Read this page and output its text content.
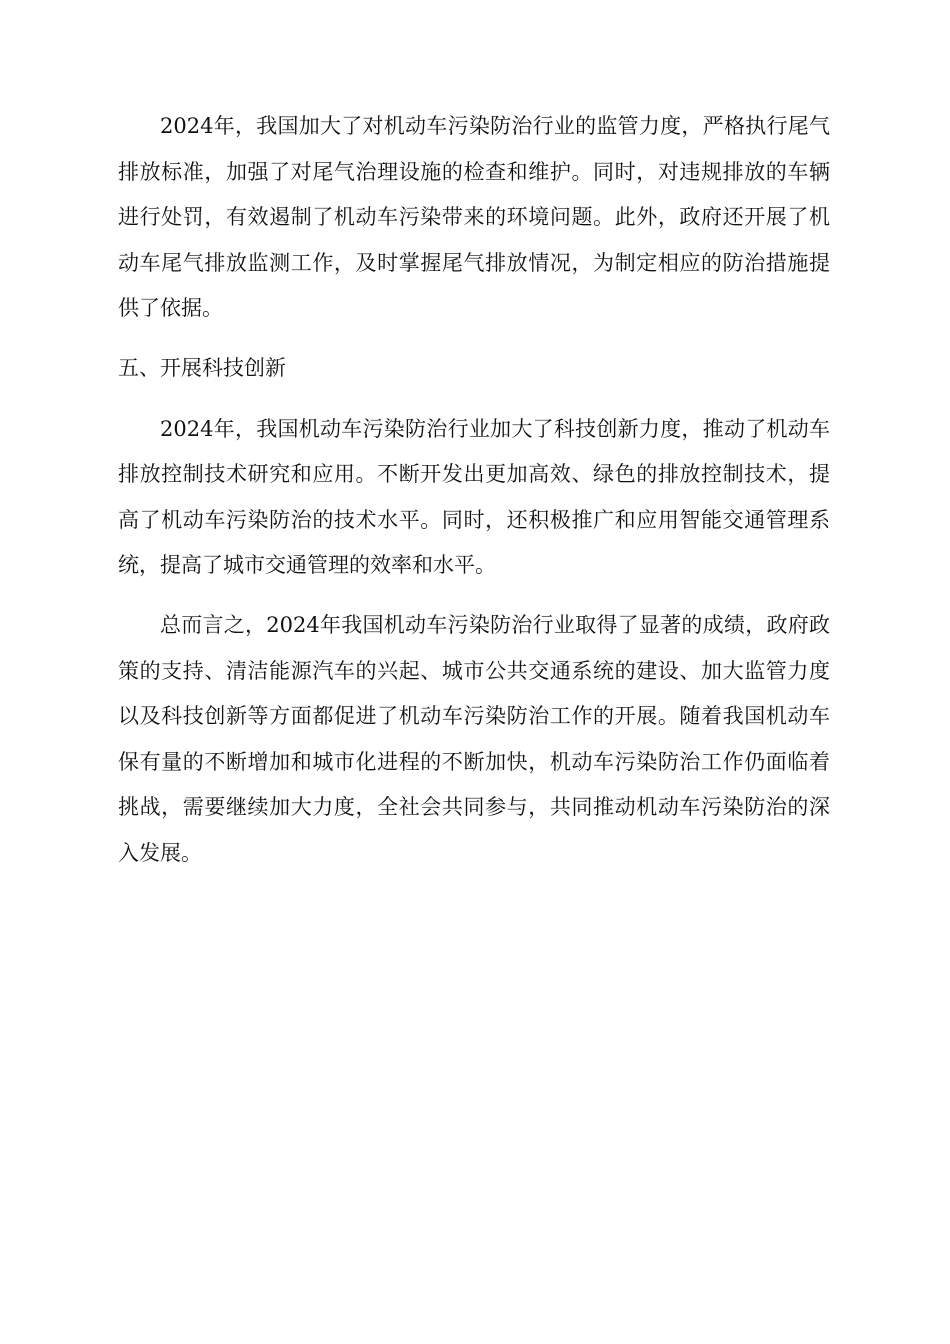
2024年，我国加大了对机动车污染防治行业的监管力度，严格执行尾气排放标准，加强了对尾气治理设施的检查和维护。同时，对违规排放的车辆进行处罚，有效遏制了机动车污染带来的环境问题。此外，政府还开展了机动车尾气排放监测工作，及时掌握尾气排放情况，为制定相应的防治措施提供了依据。

五、开展科技创新

2024年，我国机动车污染防治行业加大了科技创新力度，推动了机动车排放控制技术研究和应用。不断开发出更加高效、绿色的排放控制技术，提高了机动车污染防治的技术水平。同时，还积极推广和应用智能交通管理系统，提高了城市交通管理的效率和水平。

总而言之，2024年我国机动车污染防治行业取得了显著的成绩，政府政策的支持、清洁能源汽车的兴起、城市公共交通系统的建设、加大监管力度以及科技创新等方面都促进了机动车污染防治工作的开展。随着我国机动车保有量的不断增加和城市化进程的不断加快，机动车污染防治工作仍面临着挑战，需要继续加大力度，全社会共同参与，共同推动机动车污染防治的深入发展。
